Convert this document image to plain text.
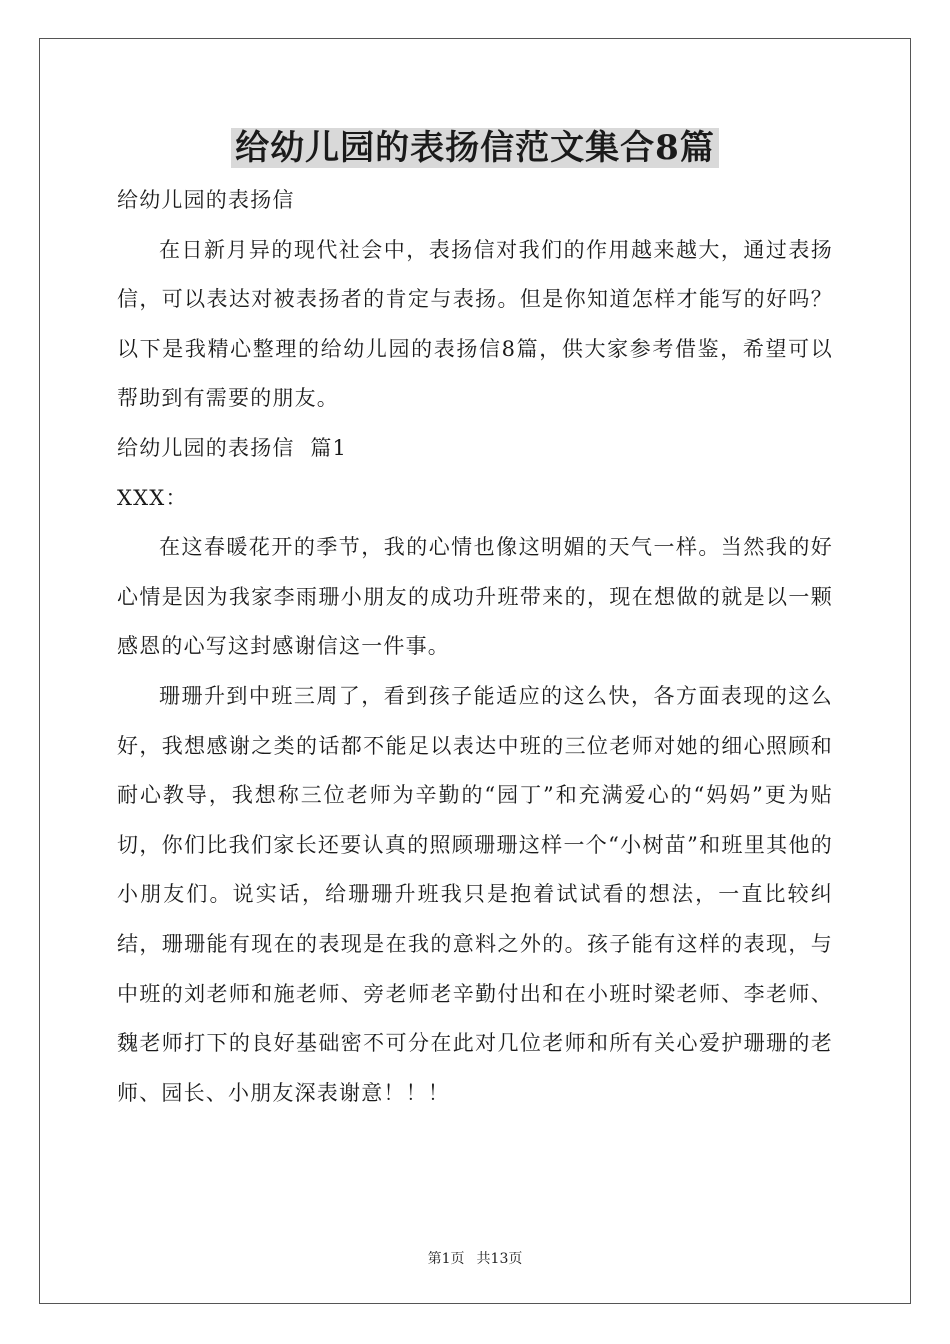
给幼儿园的表扬信范文集合8篇

给幼儿园的表扬信

在日新月异的现代社会中，表扬信对我们的作用越来越大，通过表扬信，可以表达对被表扬者的肯定与表扬。但是你知道怎样才能写的好吗？以下是我精心整理的给幼儿园的表扬信8篇，供大家参考借鉴，希望可以帮助到有需要的朋友。

给幼儿园的表扬信  篇1

XXX：

在这春暖花开的季节，我的心情也像这明媚的天气一样。当然我的好心情是因为我家李雨珊小朋友的成功升班带来的，现在想做的就是以一颗感恩的心写这封感谢信这一件事。

珊珊升到中班三周了，看到孩子能适应的这么快，各方面表现的这么好，我想感谢之类的话都不能足以表达中班的三位老师对她的细心照顾和耐心教导，我想称三位老师为辛勤的“园丁”和充满爱心的“妈妈”更为贴切，你们比我们家长还要认真的照顾珊珊这样一个“小树苗”和班里其他的小朋友们。说实话，给珊珊升班我只是抱着试试看的想法，一直比较纠结，珊珊能有现在的表现是在我的意料之外的。孩子能有这样的表现，与中班的刘老师和施老师、旁老师老辛勤付出和在小班时梁老师、李老师、魏老师打下的良好基础密不可分在此对几位老师和所有关心爱护珊珊的老师、园长、小朋友深表谢意！！！

第1页 共13页
